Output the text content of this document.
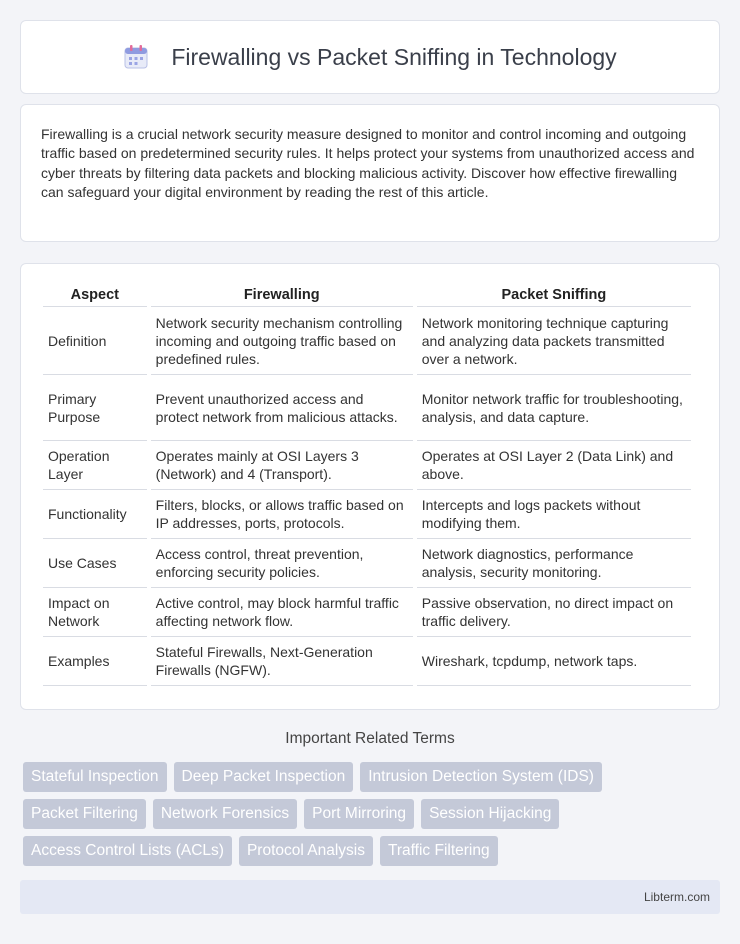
Firewalling vs Packet Sniffing in Technology

Firewalling is a crucial network security measure designed to monitor and control incoming and outgoing traffic based on predetermined security rules. It helps protect your systems from unauthorized access and cyber threats by filtering data packets and blocking malicious activity. Discover how effective firewalling can safeguard your digital environment by reading the rest of this article.

Aspect	Firewalling	Packet Sniffing
Definition	Network security mechanism controlling incoming and outgoing traffic based on predefined rules.	Network monitoring technique capturing and analyzing data packets transmitted over a network.
Primary Purpose	Prevent unauthorized access and protect network from malicious attacks.	Monitor network traffic for troubleshooting, analysis, and data capture.
Operation Layer	Operates mainly at OSI Layers 3 (Network) and 4 (Transport).	Operates at OSI Layer 2 (Data Link) and above.
Functionality	Filters, blocks, or allows traffic based on IP addresses, ports, protocols.	Intercepts and logs packets without modifying them.
Use Cases	Access control, threat prevention, enforcing security policies.	Network diagnostics, performance analysis, security monitoring.
Impact on Network	Active control, may block harmful traffic affecting network flow.	Passive observation, no direct impact on traffic delivery.
Examples	Stateful Firewalls, Next-Generation Firewalls (NGFW).	Wireshark, tcpdump, network taps.
Important Related Terms
Stateful Inspection	Deep Packet Inspection	Intrusion Detection System (IDS)
Packet Filtering	Network Forensics	Port Mirroring	Session Hijacking
Access Control Lists (ACLs)	Protocol Analysis	Traffic Filtering
Libterm.com
